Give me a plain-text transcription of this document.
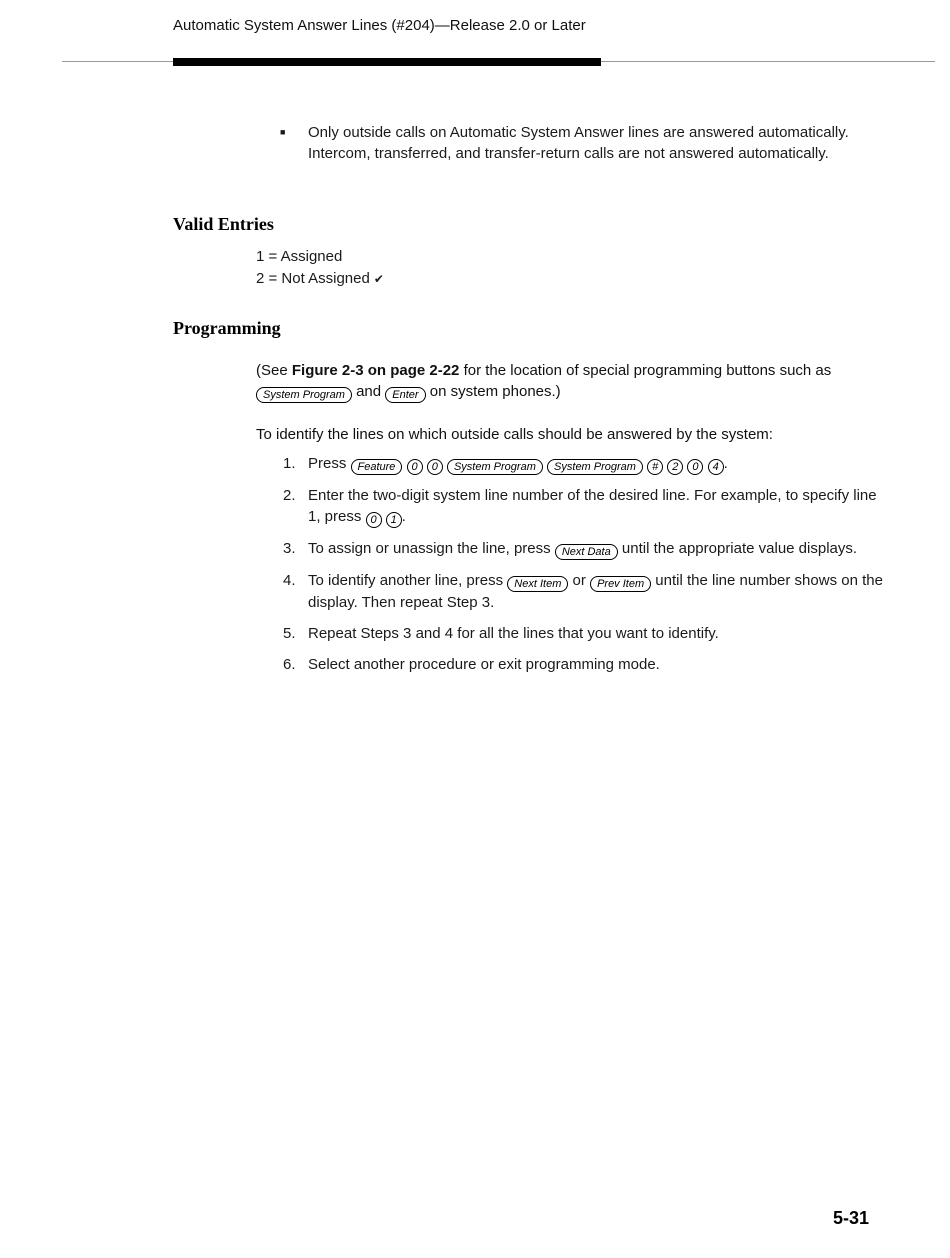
Automatic System Answer Lines (#204)—Release 2.0 or Later
■	Only outside calls on Automatic System Answer lines are answered automatically. Intercom, transferred, and transfer-return calls are not answered automatically.
Valid Entries
1 = Assigned
2 = Not Assigned ✔
Programming

(See Figure 2-3 on page 2-22 for the location of special programming buttons such as System Program and Enter on system phones.)

To identify the lines on which outside calls should be answered by the system:

1. Press Feature 0 0 System Program System Program # 2 0 4 .
2. Enter the two-digit system line number of the desired line. For example, to specify line 1, press 0 1 .
3. To assign or unassign the line, press Next Data until the appropriate value displays.
4. To identify another line, press Next Item or Prev Item until the line number shows on the display. Then repeat Step 3.
5. Repeat Steps 3 and 4 for all the lines that you want to identify.
6. Select another procedure or exit programming mode.
5-31
